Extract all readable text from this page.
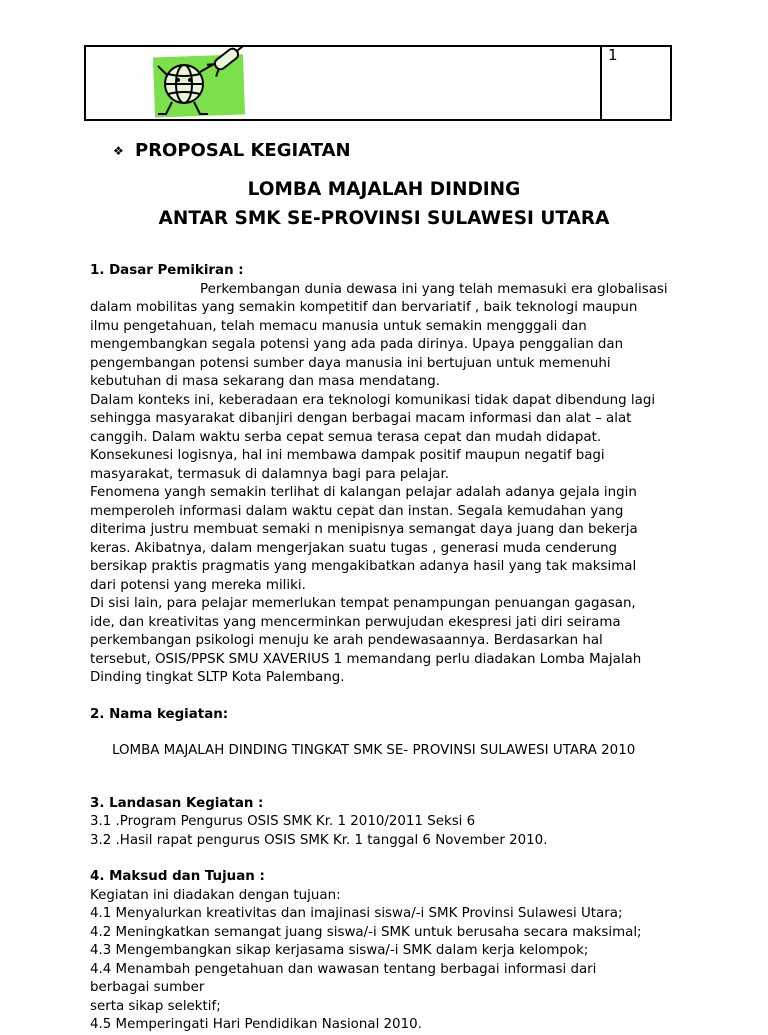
1
❖ PROPOSAL KEGIATAN
LOMBA MAJALAH DINDING
ANTAR SMK SE-PROVINSI SULAWESI UTARA

1. Dasar Pemikiran :

Perkembangan dunia dewasa ini yang telah memasuki era globalisasi

dalam mobilitas yang semakin kompetitif dan bervariatif , baik teknologi maupun

ilmu pengetahuan, telah memacu manusia untuk semakin mengggali dan

mengembangkan segala potensi yang ada pada dirinya. Upaya penggalian dan

pengembangan potensi sumber daya manusia ini bertujuan untuk memenuhi

kebutuhan di masa sekarang dan masa mendatang.

Dalam konteks ini, keberadaan era teknologi komunikasi tidak dapat dibendung lagi

sehingga masyarakat dibanjiri dengan berbagai macam informasi dan alat – alat

canggih. Dalam waktu serba cepat semua terasa cepat dan mudah didapat.

Konsekunesi logisnya, hal ini membawa dampak positif maupun negatif bagi

masyarakat, termasuk di dalamnya bagi para pelajar.

Fenomena yangh semakin terlihat di kalangan pelajar adalah adanya gejala ingin

memperoleh informasi dalam waktu cepat dan instan. Segala kemudahan yang

diterima justru membuat semaki n menipisnya semangat daya juang dan bekerja

keras. Akibatnya, dalam mengerjakan suatu tugas , generasi muda cenderung

bersikap praktis pragmatis yang mengakibatkan adanya hasil yang tak maksimal

dari potensi yang mereka miliki.

Di sisi lain, para pelajar memerlukan tempat penampungan penuangan gagasan,

ide, dan kreativitas yang mencerminkan perwujudan ekespresi jati diri seirama

perkembangan psikologi menuju ke arah pendewasaannya. Berdasarkan hal

tersebut, OSIS/PPSK SMU XAVERIUS 1 memandang perlu diadakan Lomba Majalah

Dinding tingkat SLTP Kota Palembang.

2. Nama kegiatan:

LOMBA MAJALAH DINDING TINGKAT SMK SE- PROVINSI SULAWESI UTARA 2010

3. Landasan Kegiatan :

3.1 .Program Pengurus OSIS SMK Kr. 1 2010/2011 Seksi 6

3.2 .Hasil rapat pengurus OSIS SMK Kr. 1 tanggal 6 November 2010.

4. Maksud dan Tujuan :

Kegiatan ini diadakan dengan tujuan:

4.1 Menyalurkan kreativitas dan imajinasi siswa/-i SMK Provinsi Sulawesi Utara;

4.2 Meningkatkan semangat juang siswa/-i SMK untuk berusaha secara maksimal;

4.3 Mengembangkan sikap kerjasama siswa/-i SMK dalam kerja kelompok;

4.4 Menambah pengetahuan dan wawasan tentang berbagai informasi dari

berbagai sumber

serta sikap selektif;

4.5 Memperingati Hari Pendidikan Nasional 2010.
